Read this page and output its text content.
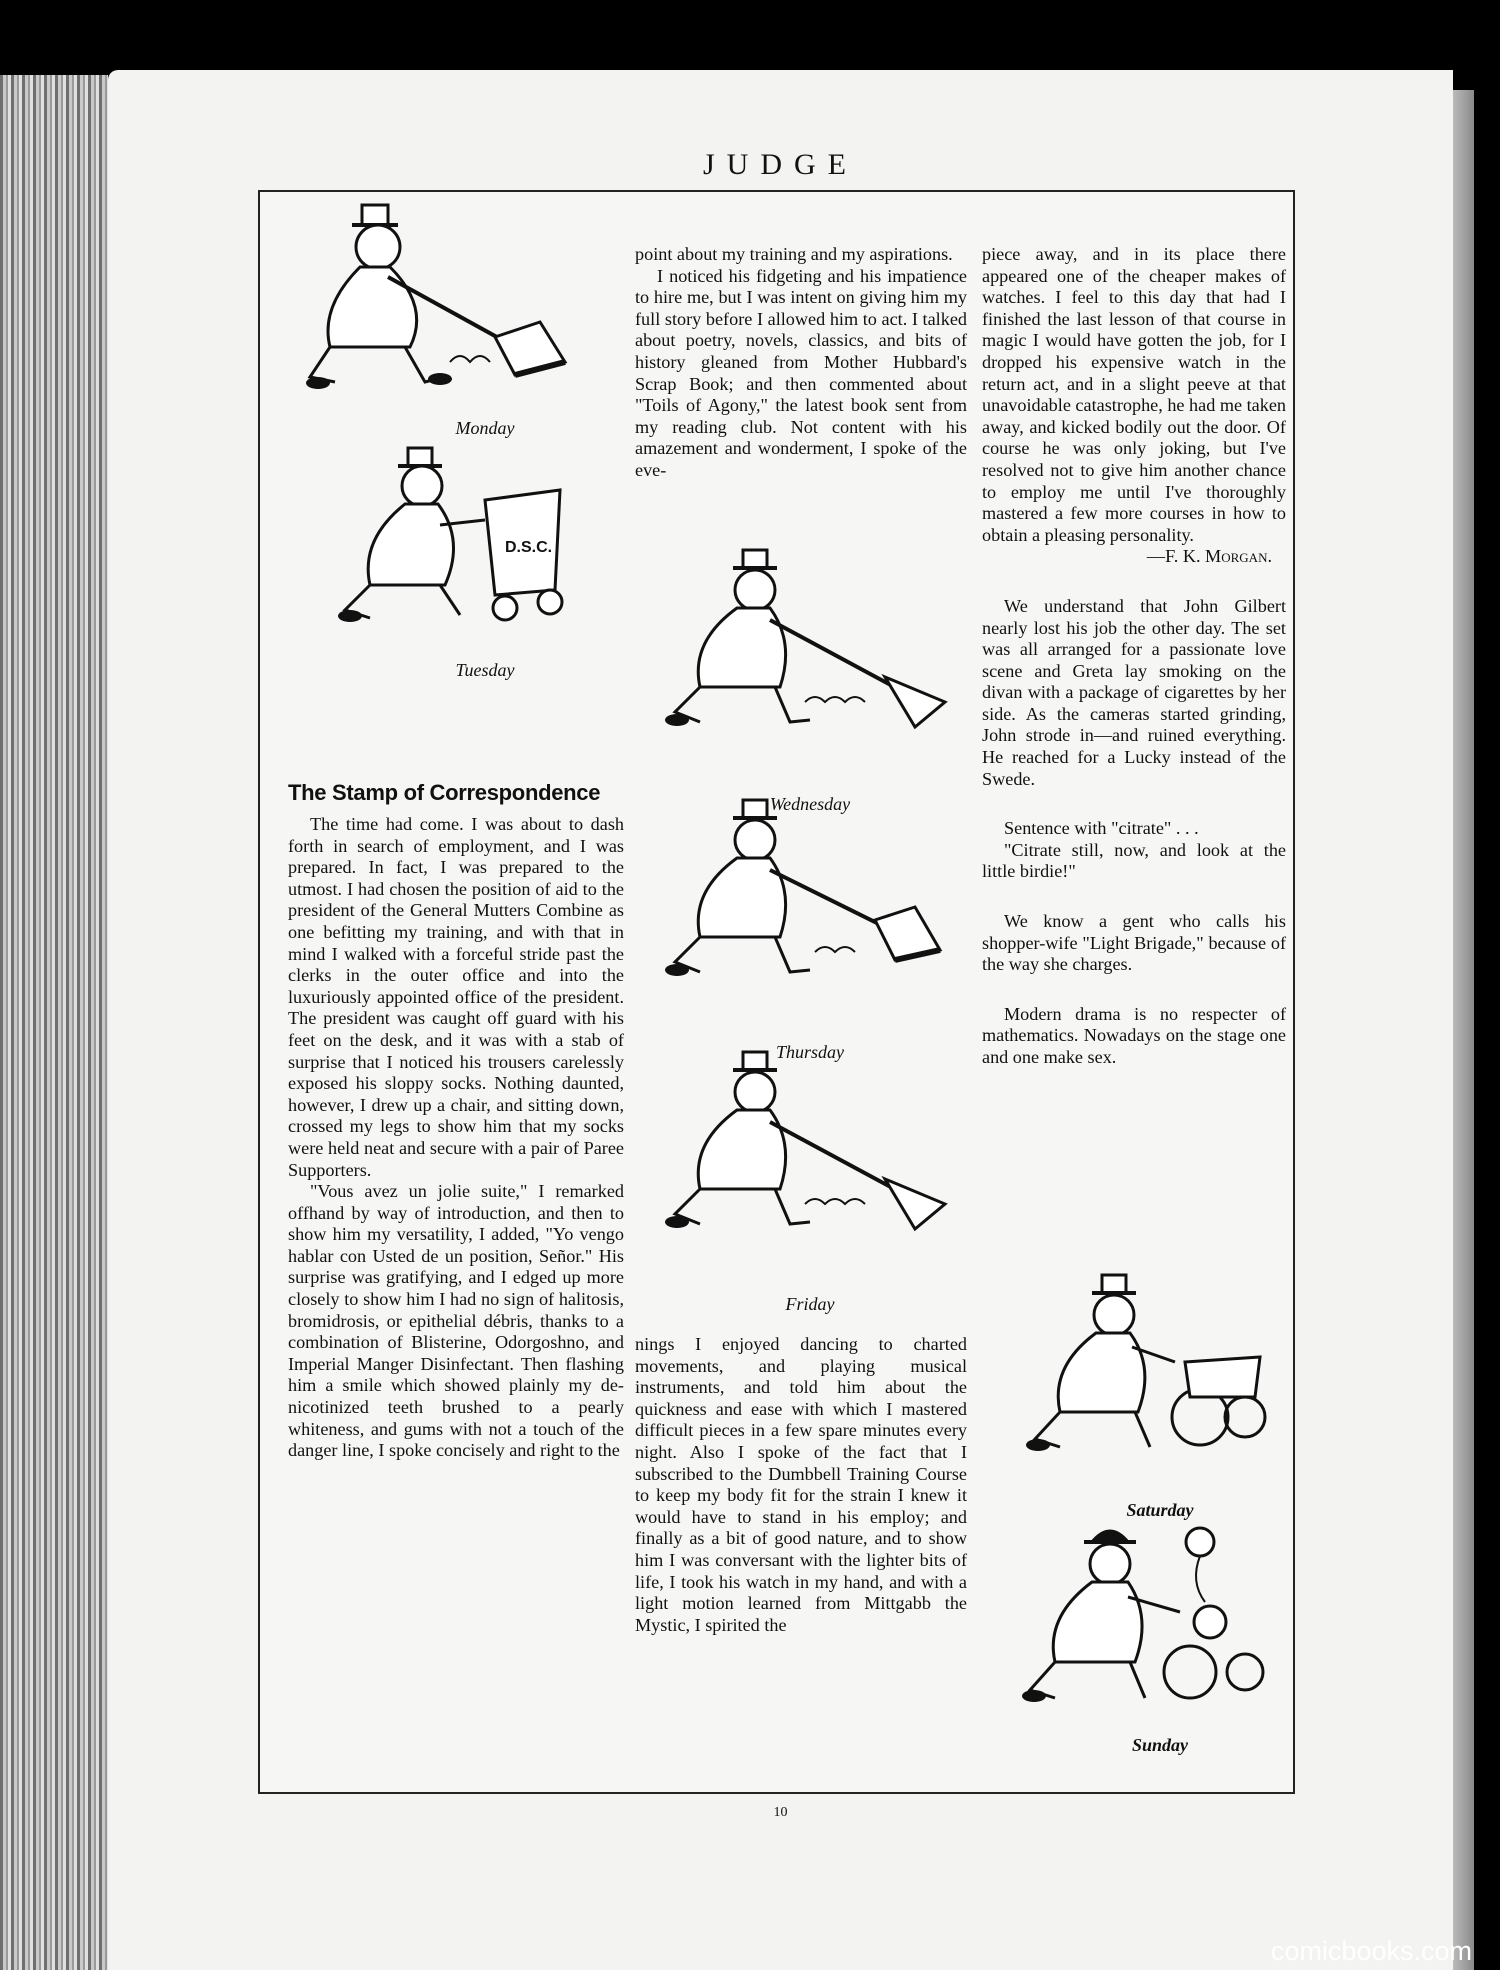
JUDGE
Monday
D.S.C.
Tuesday
The Stamp of Correspondence

The time had come. I was about to dash forth in search of employment, and I was prepared. In fact, I was prepared to the utmost. I had chosen the position of aid to the president of the General Mutters Combine as one befitting my training, and with that in mind I walked with a forceful stride past the clerks in the outer office and into the luxuriously appointed office of the president. The president was caught off guard with his feet on the desk, and it was with a stab of surprise that I noticed his trousers carelessly exposed his sloppy socks. Nothing daunted, however, I drew up a chair, and sitting down, crossed my legs to show him that my socks were held neat and secure with a pair of Paree Supporters.

"Vous avez un jolie suite," I remarked offhand by way of introduction, and then to show him my versatility, I added, "Yo vengo hablar con Usted de un position, Señor." His surprise was gratifying, and I edged up more closely to show him I had no sign of halitosis, bromidrosis, or epithelial débris, thanks to a combination of Blisterine, Odorgoshno, and Imperial Manger Disinfectant. Then flashing him a smile which showed plainly my de-nicotinized teeth brushed to a pearly whiteness, and gums with not a touch of the danger line, I spoke concisely and right to the

point about my training and my aspirations.

I noticed his fidgeting and his impatience to hire me, but I was intent on giving him my full story before I allowed him to act. I talked about poetry, novels, classics, and bits of history gleaned from Mother Hubbard's Scrap Book; and then commented about "Toils of Agony," the latest book sent from my reading club. Not content with his amazement and wonderment, I spoke of the eve-

Wednesday
Thursday
Friday

nings I enjoyed dancing to charted movements, and playing musical instruments, and told him about the quickness and ease with which I mastered difficult pieces in a few spare minutes every night. Also I spoke of the fact that I subscribed to the Dumbbell Training Course to keep my body fit for the strain I knew it would have to stand in his employ; and finally as a bit of good nature, and to show him I was conversant with the lighter bits of life, I took his watch in my hand, and with a light motion learned from Mittgabb the Mystic, I spirited the

piece away, and in its place there appeared one of the cheaper makes of watches. I feel to this day that had I finished the last lesson of that course in magic I would have gotten the job, for I dropped his expensive watch in the return act, and in a slight peeve at that unavoidable catastrophe, he had me taken away, and kicked bodily out the door. Of course he was only joking, but I've resolved not to give him another chance to employ me until I've thoroughly mastered a few more courses in how to obtain a pleasing personality.

—F. K. Morgan.

We understand that John Gilbert nearly lost his job the other day. The set was all arranged for a passionate love scene and Greta lay smoking on the divan with a package of cigarettes by her side. As the cameras started grinding, John strode in—and ruined everything. He reached for a Lucky instead of the Swede.

Sentence with "citrate" . . .

"Citrate still, now, and look at the little birdie!"

We know a gent who calls his shopper-wife "Light Brigade," because of the way she charges.

Modern drama is no respecter of mathematics. Nowadays on the stage one and one make sex.

Saturday
Sunday
10
comicbooks.com
